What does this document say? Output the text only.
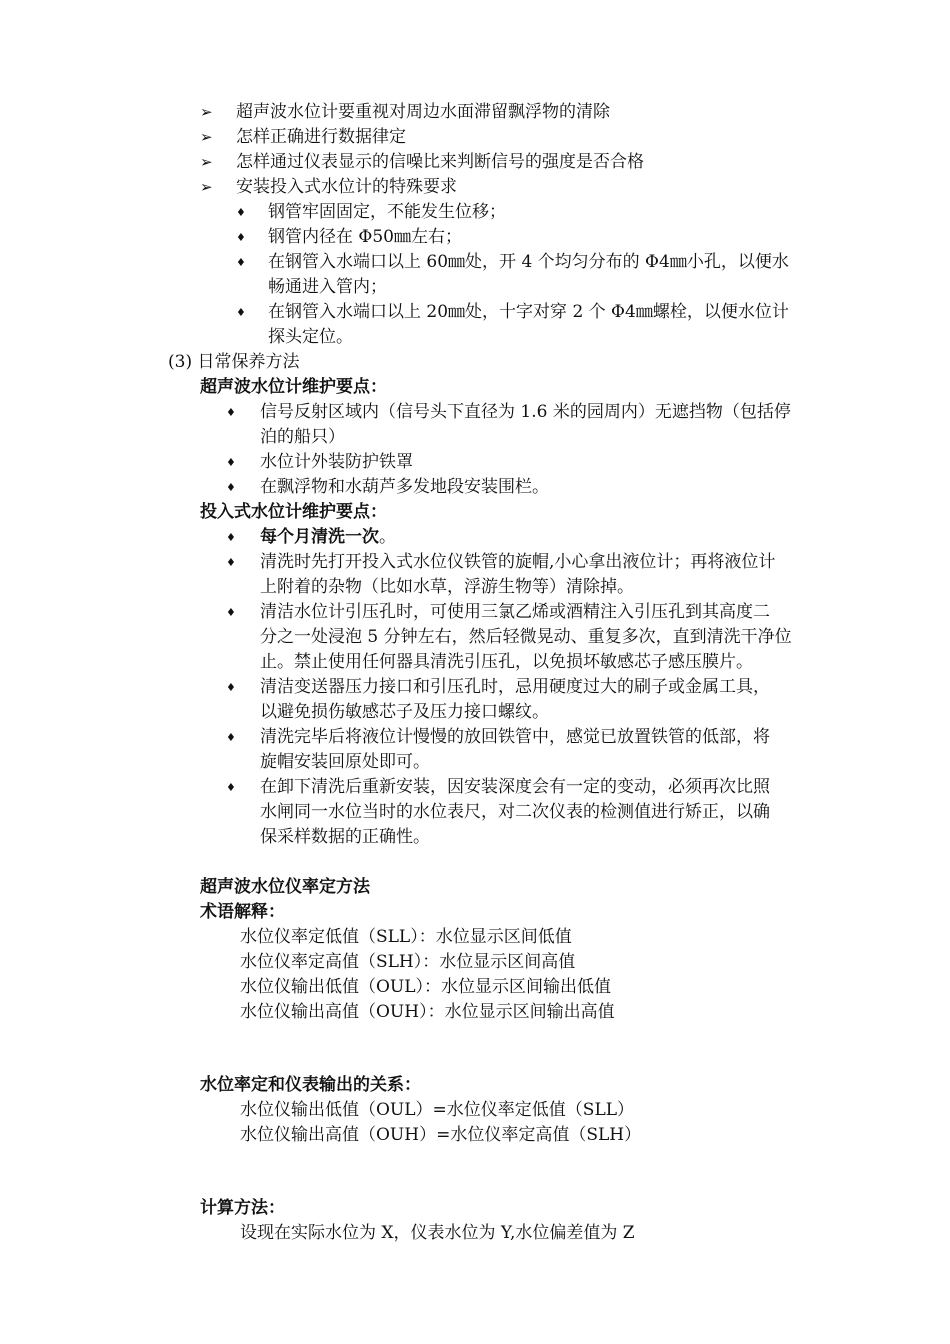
➢ 超声波水位计要重视对周边水面滞留飘浮物的清除
➢ 怎样正确进行数据律定
➢ 怎样通过仪表显示的信噪比来判断信号的强度是否合格
➢ 安装投入式水位计的特殊要求
♦ 钢管牢固固定，不能发生位移；
♦ 钢管内径在 Φ50㎜左右；
♦ 在钢管入水端口以上 60㎜处，开 4 个均匀分布的 Φ4㎜小孔，以便水
畅通进入管内；
♦ 在钢管入水端口以上 20㎜处，十字对穿 2 个 Φ4㎜螺栓，以便水位计
探头定位。
(3) 日常保养方法
超声波水位计维护要点：
♦ 信号反射区域内（信号头下直径为 1.6 米的园周内）无遮挡物（包括停
泊的船只）
♦ 水位计外装防护铁罩
♦ 在飘浮物和水葫芦多发地段安装围栏。
投入式水位计维护要点：
♦ 每个月清洗一次。
♦ 清洗时先打开投入式水位仪铁管的旋帽,小心拿出液位计；再将液位计
上附着的杂物（比如水草，浮游生物等）清除掉。
♦ 清洁水位计引压孔时，可使用三氯乙烯或酒精注入引压孔到其高度二
分之一处浸泡 5 分钟左右，然后轻微晃动、重复多次，直到清洗干净位
止。禁止使用任何器具清洗引压孔，以免损坏敏感芯子感压膜片。
♦ 清洁变送器压力接口和引压孔时，忌用硬度过大的刷子或金属工具，
以避免损伤敏感芯子及压力接口螺纹。
♦ 清洗完毕后将液位计慢慢的放回铁管中，感觉已放置铁管的低部，将
旋帽安装回原处即可。
♦ 在卸下清洗后重新安装，因安装深度会有一定的变动，必须再次比照
水闸同一水位当时的水位表尺，对二次仪表的检测值进行矫正，以确
保采样数据的正确性。
超声波水位仪率定方法
术语解释：
水位仪率定低值（SLL）：水位显示区间低值
水位仪率定高值（SLH）：水位显示区间高值
水位仪输出低值（OUL）：水位显示区间输出低值
水位仪输出高值（OUH）：水位显示区间输出高值
水位率定和仪表输出的关系：
水位仪输出低值（OUL）=水位仪率定低值（SLL）
水位仪输出高值（OUH）=水位仪率定高值（SLH）
计算方法：
设现在实际水位为 X，仪表水位为 Y,水位偏差值为 Z
